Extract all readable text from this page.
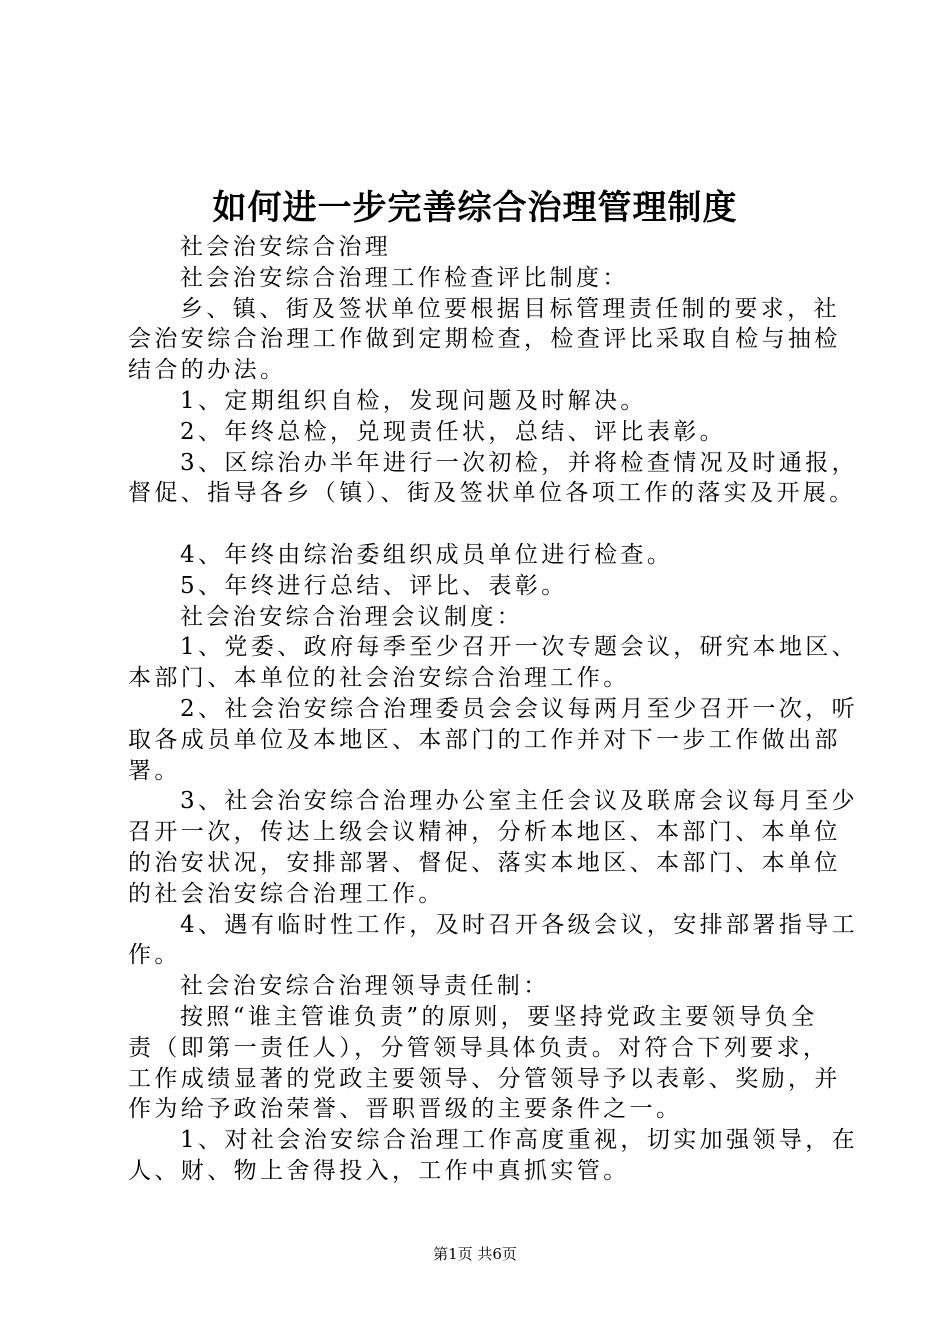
如何进一步完善综合治理管理制度
社会治安综合治理
社会治安综合治理工作检查评比制度：
乡、镇、街及签状单位要根据目标管理责任制的要求，社
会治安综合治理工作做到定期检查，检查评比采取自检与抽检
结合的办法。
1、定期组织自检，发现问题及时解决。
2、年终总检，兑现责任状，总结、评比表彰。
3、区综治办半年进行一次初检，并将检查情况及时通报，
督促、指导各乡（镇）、街及签状单位各项工作的落实及开展。
4、年终由综治委组织成员单位进行检查。
5、年终进行总结、评比、表彰。
社会治安综合治理会议制度：
1、党委、政府每季至少召开一次专题会议，研究本地区、
本部门、本单位的社会治安综合治理工作。
2、社会治安综合治理委员会会议每两月至少召开一次，听
取各成员单位及本地区、本部门的工作并对下一步工作做出部
署。
3、社会治安综合治理办公室主任会议及联席会议每月至少
召开一次，传达上级会议精神，分析本地区、本部门、本单位
的治安状况，安排部署、督促、落实本地区、本部门、本单位
的社会治安综合治理工作。
4、遇有临时性工作，及时召开各级会议，安排部署指导工
作。
社会治安综合治理领导责任制：
按照“谁主管谁负责”的原则，要坚持党政主要领导负全
责（即第一责任人），分管领导具体负责。对符合下列要求，
工作成绩显著的党政主要领导、分管领导予以表彰、奖励，并
作为给予政治荣誉、晋职晋级的主要条件之一。
1、对社会治安综合治理工作高度重视，切实加强领导，在
人、财、物上舍得投入，工作中真抓实管。
第1页 共6页
